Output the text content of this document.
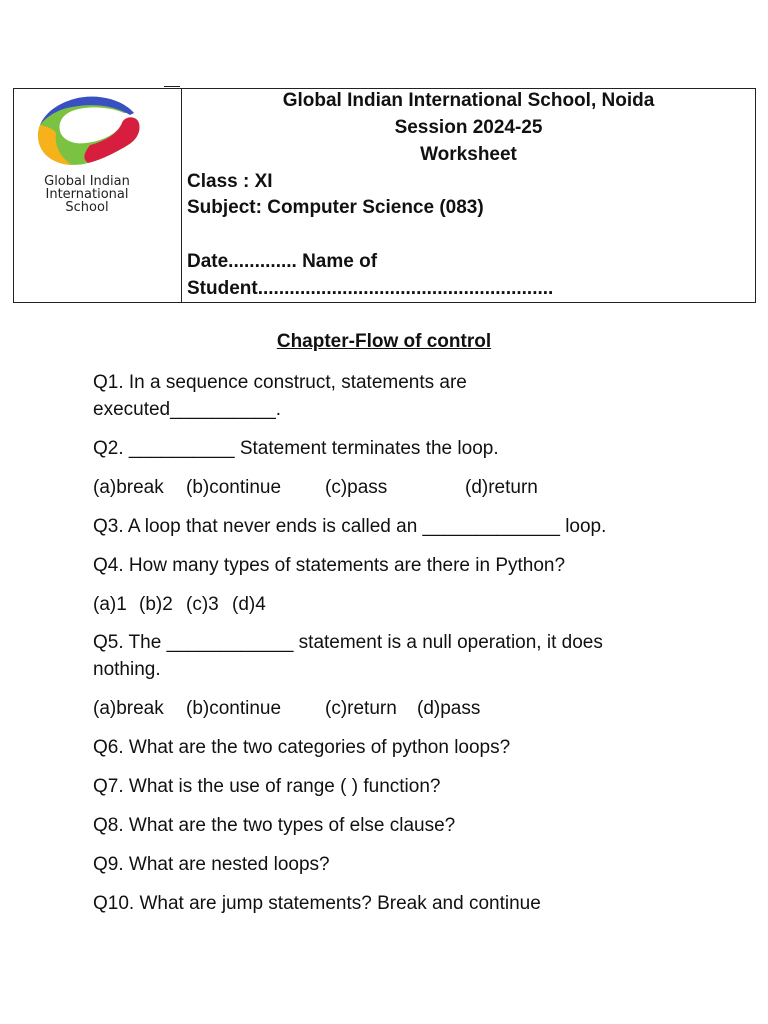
Global Indian
International
School
Global Indian International School, Noida
Session 2024-25
Worksheet
Class : XI
Subject: Computer Science (083)
Date............. Name of
Student........................................................
Chapter-Flow of control
Q1. In a sequence construct, statements are
executed__________.
Q2. __________ Statement terminates the loop.
(a)break (b)continue (c)pass	(d)return
Q3. A loop that never ends is called an _____________ loop.
Q4. How many types of statements are there in Python?
(a)1 (b)2 (c)3 (d)4
Q5. The ____________ statement is a null operation, it does
nothing.
(a)break (b)continue (c)return (d)pass
Q6. What are the two categories of python loops?
Q7. What is the use of range ( ) function?
Q8. What are the two types of else clause?
Q9. What are nested loops?
Q10. What are jump statements? Break and continue
